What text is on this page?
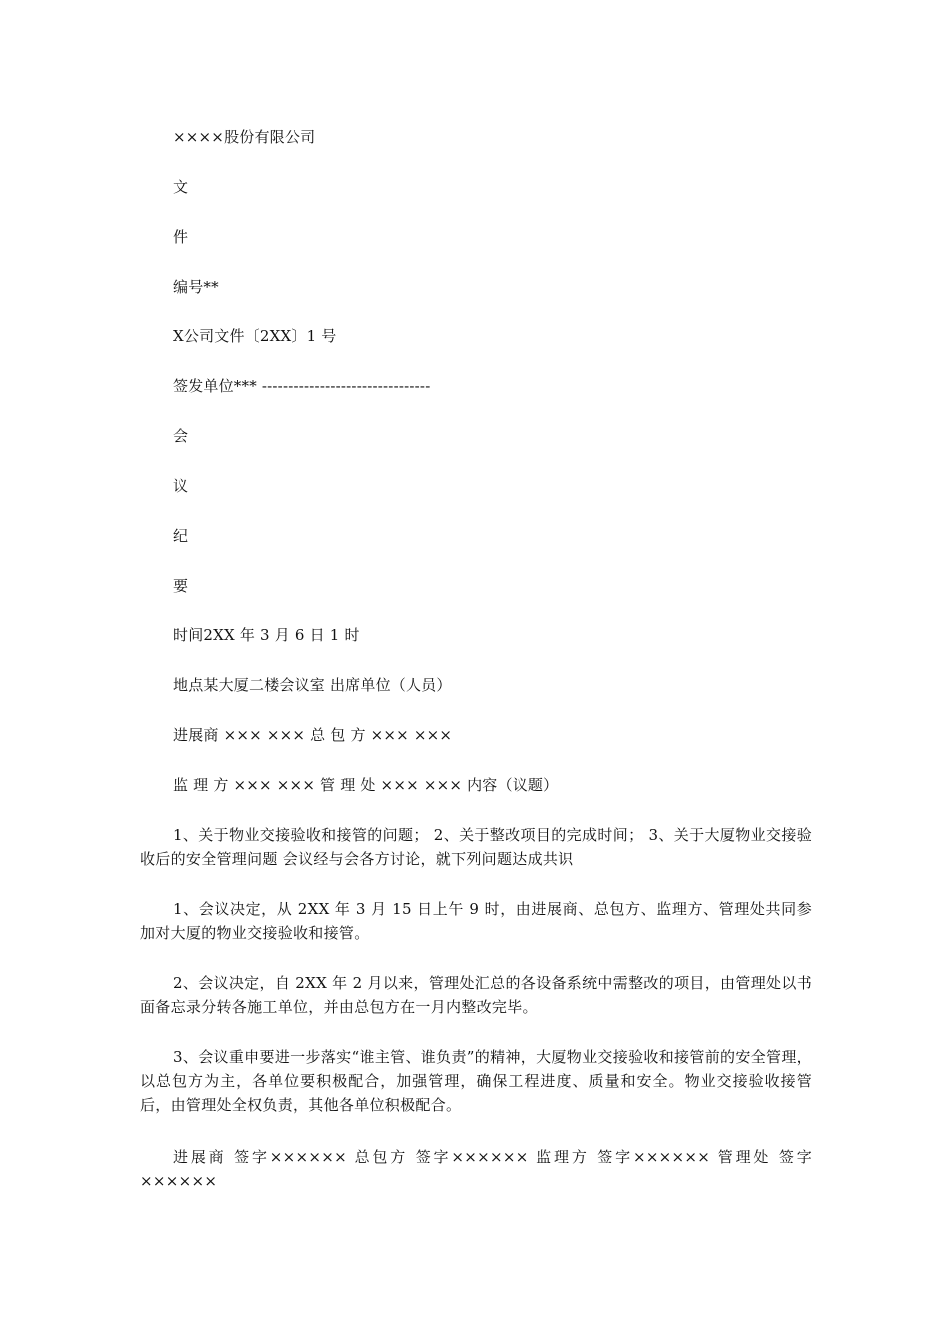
××××股份有限公司
文
件
编号**
X公司文件〔2XX〕1 号
签发单位*** --------------------------------
会
议
纪
要
时间2XX 年 3 月 6 日 1 时
地点某大厦二楼会议室 出席单位（人员）
进展商 ××× ××× 总 包 方 ××× ×××
监 理 方 ××× ××× 管 理 处 ××× ××× 内容（议题）
1、关于物业交接验收和接管的问题； 2、关于整改项目的完成时间； 3、关于大厦物业交接验收后的安全管理问题 会议经与会各方讨论，就下列问题达成共识
1、会议决定，从 2XX 年 3 月 15 日上午 9 时，由进展商、总包方、监理方、管理处共同参加对大厦的物业交接验收和接管。
2、会议决定，自 2XX 年 2 月以来，管理处汇总的各设备系统中需整改的项目，由管理处以书面备忘录分转各施工单位，并由总包方在一月内整改完毕。
3、会议重申要进一步落实“谁主管、谁负责”的精神，大厦物业交接验收和接管前的安全管理，以总包方为主，各单位要积极配合，加强管理，确保工程进度、质量和安全。物业交接验收接管后，由管理处全权负责，其他各单位积极配合。
进展商 签字×××××× 总包方 签字×××××× 监理方 签字×××××× 管理处 签字××××××
